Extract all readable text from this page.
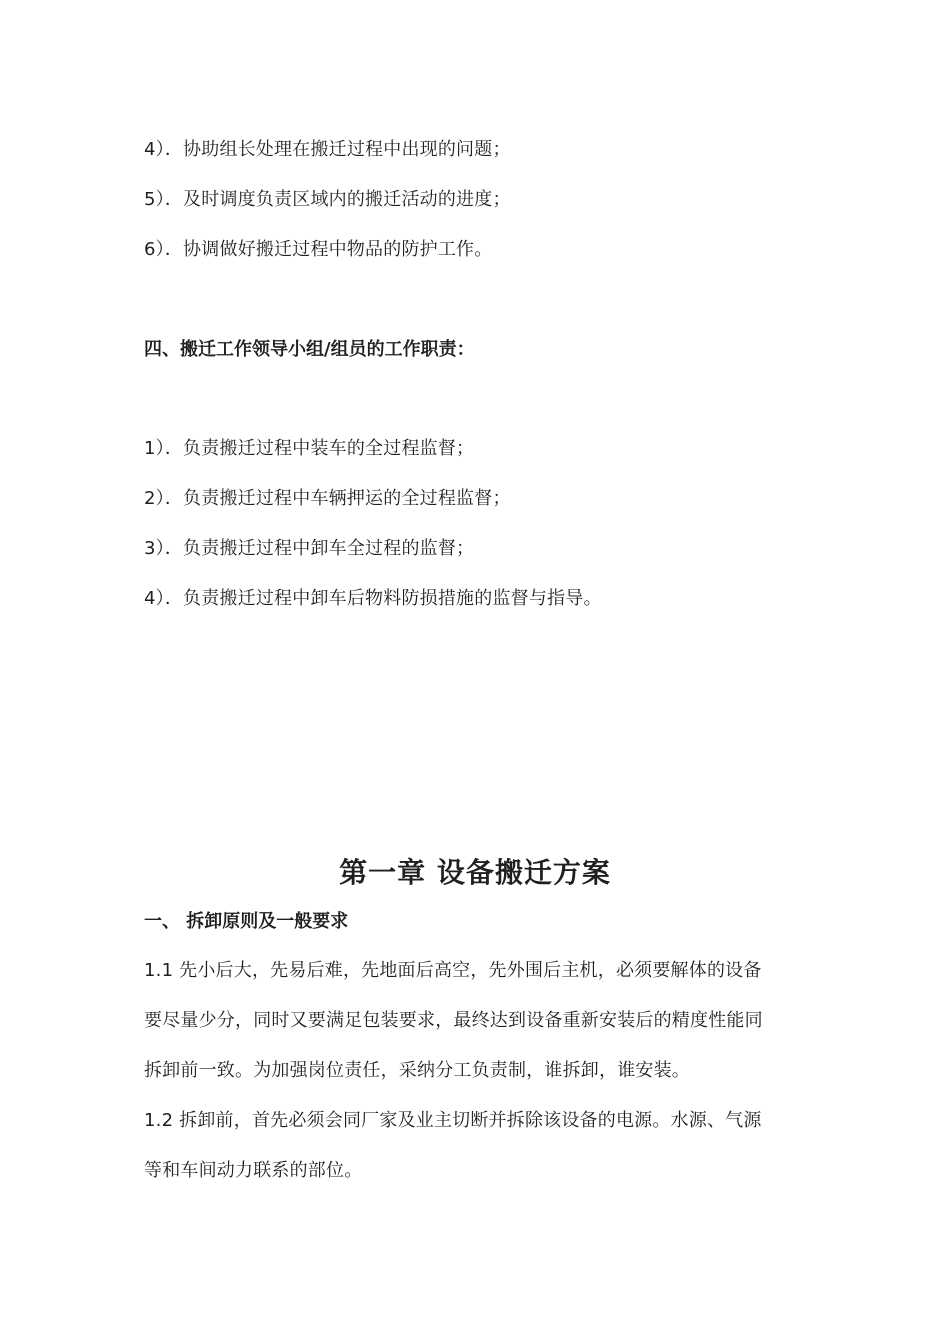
4）．协助组长处理在搬迁过程中出现的问题；
5）．及时调度负责区域内的搬迁活动的进度；
6）．协调做好搬迁过程中物品的防护工作。
四、搬迁工作领导小组/组员的工作职责：
1）．负责搬迁过程中装车的全过程监督；
2）．负责搬迁过程中车辆押运的全过程监督；
3）．负责搬迁过程中卸车全过程的监督；
4）．负责搬迁过程中卸车后物料防损措施的监督与指导。
第一章 设备搬迁方案
一、 拆卸原则及一般要求
1.1 先小后大，先易后难，先地面后高空，先外围后主机，必须要解体的设备
要尽量少分，同时又要满足包装要求，最终达到设备重新安装后的精度性能同
拆卸前一致。为加强岗位责任，采纳分工负责制，谁拆卸，谁安装。
1.2 拆卸前，首先必须会同厂家及业主切断并拆除该设备的电源。水源、气源
等和车间动力联系的部位。
